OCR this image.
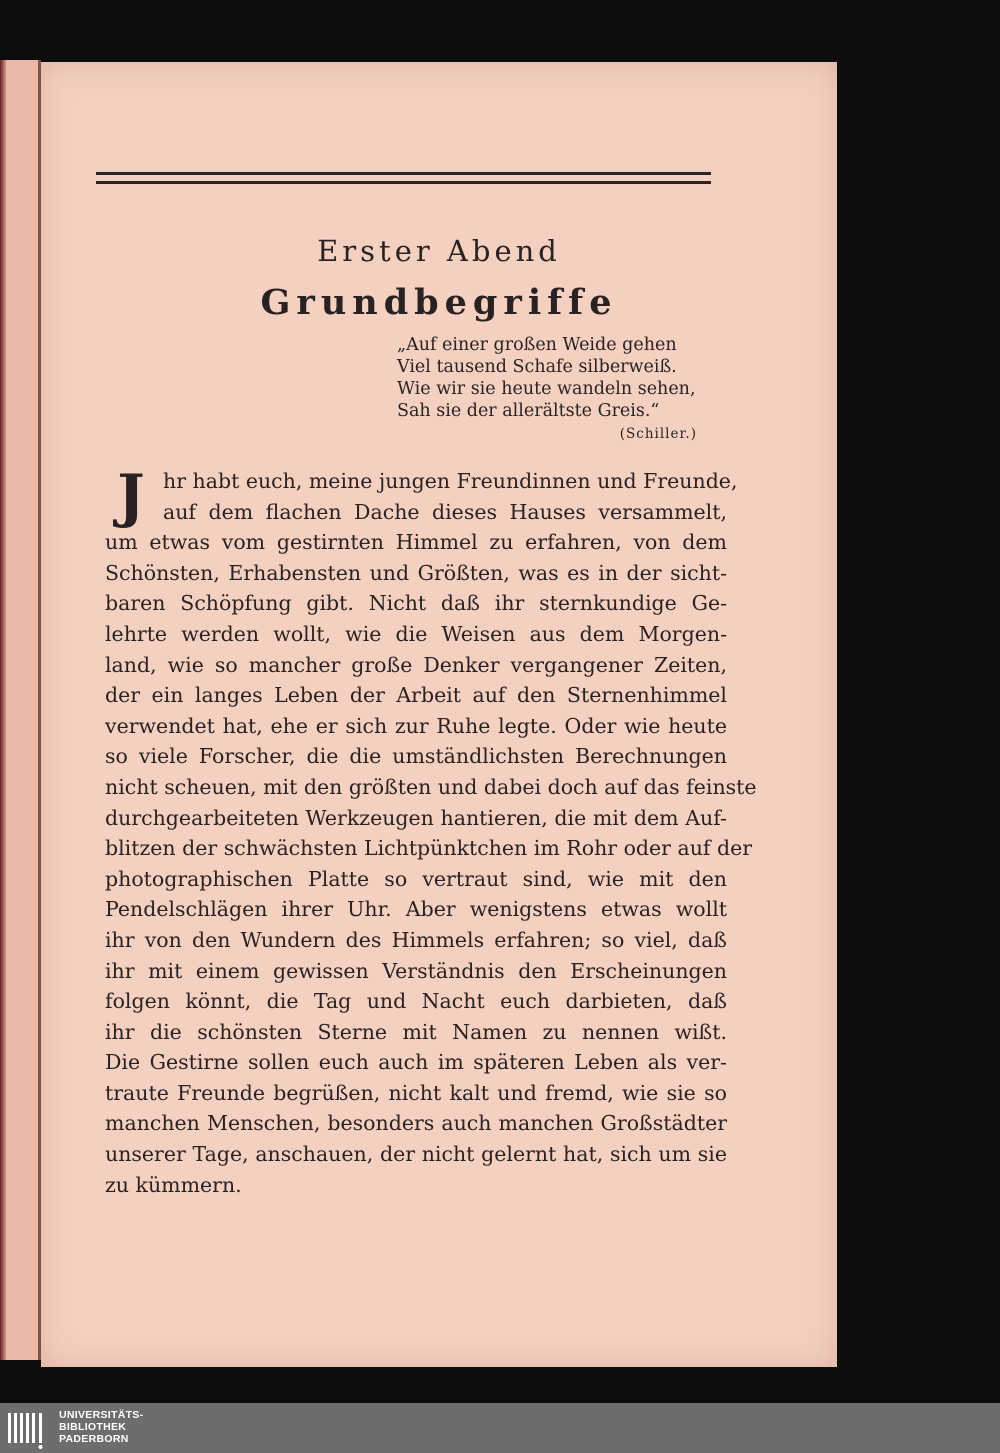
Erster Abend
Grundbegriffe
„Auf einer großen Weide gehen
Viel tausend Schafe silberweiß.
Wie wir sie heute wandeln sehen,
Sah sie der allerältste Greis.“
(Schiller.)
J hr habt euch, meine jungen Freundinnen und Freunde,
auf dem flachen Dache dieses Hauses versammelt,
um etwas vom gestirnten Himmel zu erfahren, von dem
Schönsten, Erhabensten und Größten, was es in der sicht-
baren Schöpfung gibt. Nicht daß ihr sternkundige Ge-
lehrte werden wollt, wie die Weisen aus dem Morgen-
land, wie so mancher große Denker vergangener Zeiten,
der ein langes Leben der Arbeit auf den Sternenhimmel
verwendet hat, ehe er sich zur Ruhe legte. Oder wie heute
so viele Forscher, die die umständlichsten Berechnungen
nicht scheuen, mit den größten und dabei doch auf das feinste
durchgearbeiteten Werkzeugen hantieren, die mit dem Auf-
blitzen der schwächsten Lichtpünktchen im Rohr oder auf der
photographischen Platte so vertraut sind, wie mit den
Pendelschlägen ihrer Uhr. Aber wenigstens etwas wollt
ihr von den Wundern des Himmels erfahren; so viel, daß
ihr mit einem gewissen Verständnis den Erscheinungen
folgen könnt, die Tag und Nacht euch darbieten, daß
ihr die schönsten Sterne mit Namen zu nennen wißt.
Die Gestirne sollen euch auch im späteren Leben als ver-
traute Freunde begrüßen, nicht kalt und fremd, wie sie so
manchen Menschen, besonders auch manchen Großstädter
unserer Tage, anschauen, der nicht gelernt hat, sich um sie
zu kümmern.
UNIVERSITÄTS-
BIBLIOTHEK
PADERBORN
